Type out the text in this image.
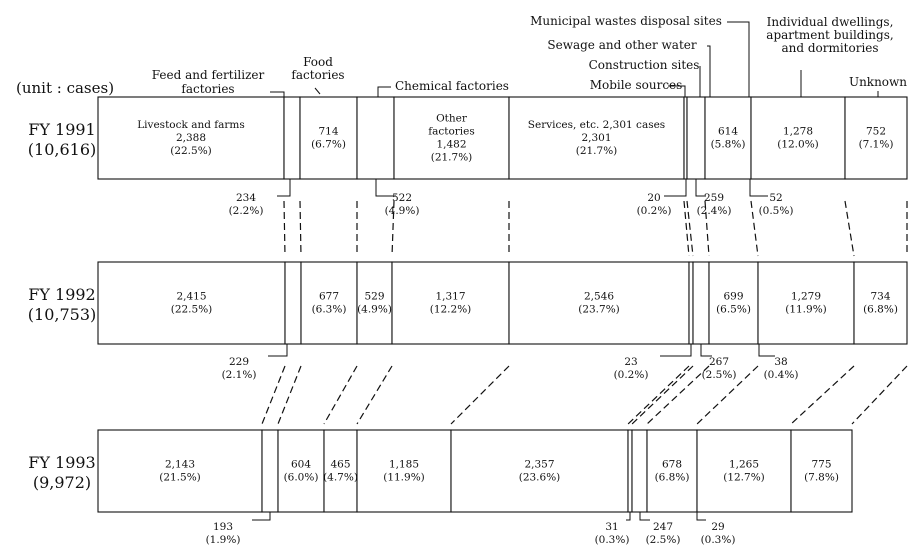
(unit : cases)
FY 1991
(10,616)
Livestock and farms
2,388
(22.5%)
714
(6.7%)
Other
factories
1,482
(21.7%)
Services, etc. 2,301 cases
2,301
(21.7%)
614
(5.8%)
1,278
(12.0%)
752
(7.1%)
234
(2.2%)
522
(4.9%)
20
(0.2%)
259
(2.4%)
52
(0.5%)
FY 1992
(10,753)
2,415
(22.5%)
677
(6.3%)
529
(4.9%)
1,317
(12.2%)
2,546
(23.7%)
699
(6.5%)
1,279
(11.9%)
734
(6.8%)
229
(2.1%)
23
(0.2%)
267
(2.5%)
38
(0.4%)
FY 1993
(9,972)
2,143
(21.5%)
604
(6.0%)
465
(4.7%)
1,185
(11.9%)
2,357
(23.6%)
678
(6.8%)
1,265
(12.7%)
775
(7.8%)
193
(1.9%)
31
(0.3%)
247
(2.5%)
29
(0.3%)
Feed and fertilizer
factories
Food
factories
Chemical factories	Mobile sources
Construction sites
Sewage and other water
Municipal wastes disposal sites	Individual dwellings,
apartment buildings,
and dormitories
Unknown
